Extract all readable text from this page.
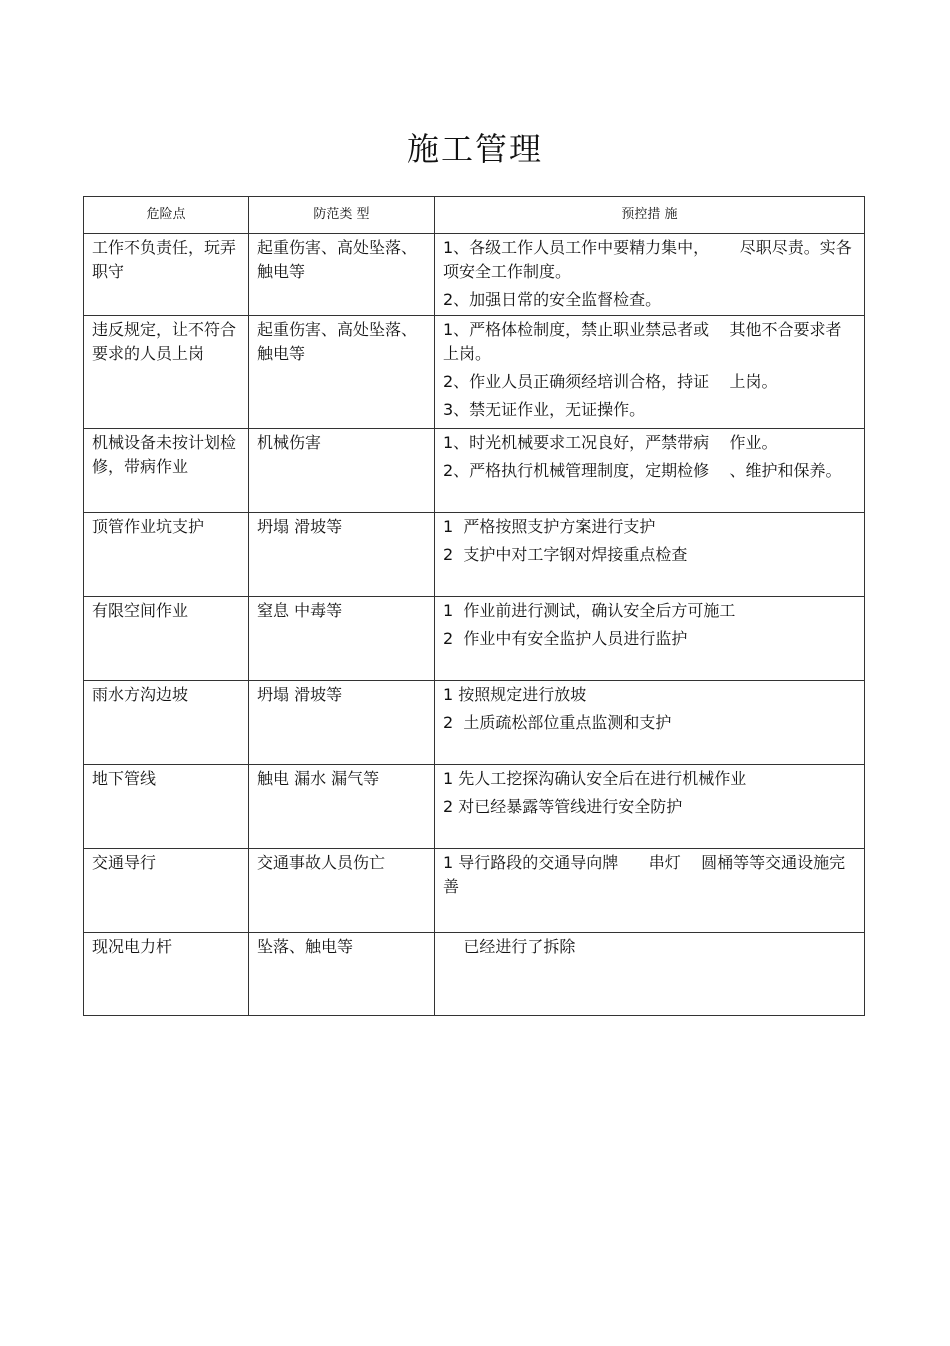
施工管理
危险点	防范类 型	预控措 施

工作不负责任，玩弄职守	起重伤害、高处坠落、触电等	1、各级工作人员工作中要精力集中，      尽职尽责。实各项安全工作制度。
2、加强日常的安全监督检查。

违反规定，让不符合要求的人员上岗	起重伤害、高处坠落、触电等	1、严格体检制度，禁止职业禁忌者或    其他不合要求者上岗。
2、作业人员正确须经培训合格，持证    上岗。
3、禁无证作业，无证操作。

机械设备未按计划检修，带病作业	机械伤害	1、时光机械要求工况良好，严禁带病    作业。
2、严格执行机械管理制度，定期检修    、维护和保养。

顶管作业坑支护	坍塌 滑坡等	1  严格按照支护方案进行支护
2  支护中对工字钢对焊接重点检查

有限空间作业	窒息 中毒等	1  作业前进行测试，确认安全后方可施工
2  作业中有安全监护人员进行监护

雨水方沟边坡	坍塌 滑坡等	1 按照规定进行放坡
2  土质疏松部位重点监测和支护

地下管线	触电 漏水 漏气等	1 先人工挖探沟确认安全后在进行机械作业
2 对已经暴露等管线进行安全防护

交通导行	交通事故人员伤亡	1 导行路段的交通导向牌      串灯    圆桶等等交通设施完善

现况电力杆	坠落、触电等	已经进行了拆除
